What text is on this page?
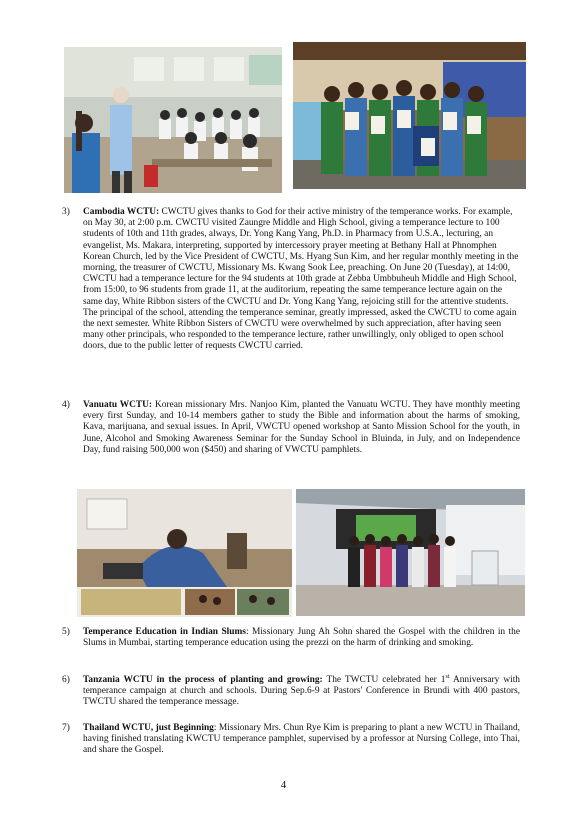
3) Cambodia WCTU: CWCTU gives thanks to God for their active ministry of the temperance works. For example, on May 30, at 2:00 p.m. CWCTU visited Zaungre Middle and High School, giving a temperance lecture to 100 students of 10th and 11th grades, always, Dr. Yong Kang Yang, Ph.D. in Pharmacy from U.S.A., lecturing, an evangelist, Ms. Makara, interpreting, supported by intercessory prayer meeting at Bethany Hall at Phnomphen Korean Church, led by the Vice President of CWCTU, Ms. Hyang Sun Kim, and her regular monthly meeting in the morning, the treasurer of CWCTU, Missionary Ms. Kwang Sook Lee, preaching. On June 20 (Tuesday), at 14:00, CWCTU had a temperance lecture for the 94 students at 10th grade at Zebba Umbbuheuh Middle and High School, from 15:00, to 96 students from grade 11, at the auditorium, repeating the same temperance lecture again on the same day, White Ribbon sisters of the CWCTU and Dr. Yong Kang Yang, rejoicing still for the attentive students. The principal of the school, attending the temperance seminar, greatly impressed, asked the CWCTU to come again the next semester. White Ribbon Sisters of CWCTU were overwhelmed by such appreciation, after having seen many other principals, who responded to the temperance lecture, rather unwillingly, only obliged to open school doors, due to the public letter of requests CWCTU carried.
4) Vanuatu WCTU: Korean missionary Mrs. Nanjoo Kim, planted the Vanuatu WCTU. They have monthly meeting every first Sunday, and 10-14 members gather to study the Bible and information about the harms of smoking, Kava, marijuana, and sexual issues. In April, VWCTU opened workshop at Santo Mission School for the youth, in June, Alcohol and Smoking Awareness Seminar for the Sunday School in Bluinda, in July, and on Independence Day, fund raising 500,000 won ($450) and sharing of VWCTU pamphlets.
5) Temperance Education in Indian Slums: Missionary Jung Ah Sohn shared the Gospel with the children in the Slums in Mumbai, starting temperance education using the prezzi on the harm of drinking and smoking.
6) Tanzania WCTU in the process of planting and growing: The TWCTU celebrated her 1st Anniversary with temperance campaign at church and schools. During Sep.6-9 at Pastors' Conference in Brundi with 400 pastors, TWCTU shared the temperance message.
7) Thailand WCTU, just Beginning: Missionary Mrs. Chun Rye Kim is preparing to plant a new WCTU in Thailand, having finished translating KWCTU temperance pamphlet, supervised by a professor at Nursing College, into Thai, and share the Gospel.
4
